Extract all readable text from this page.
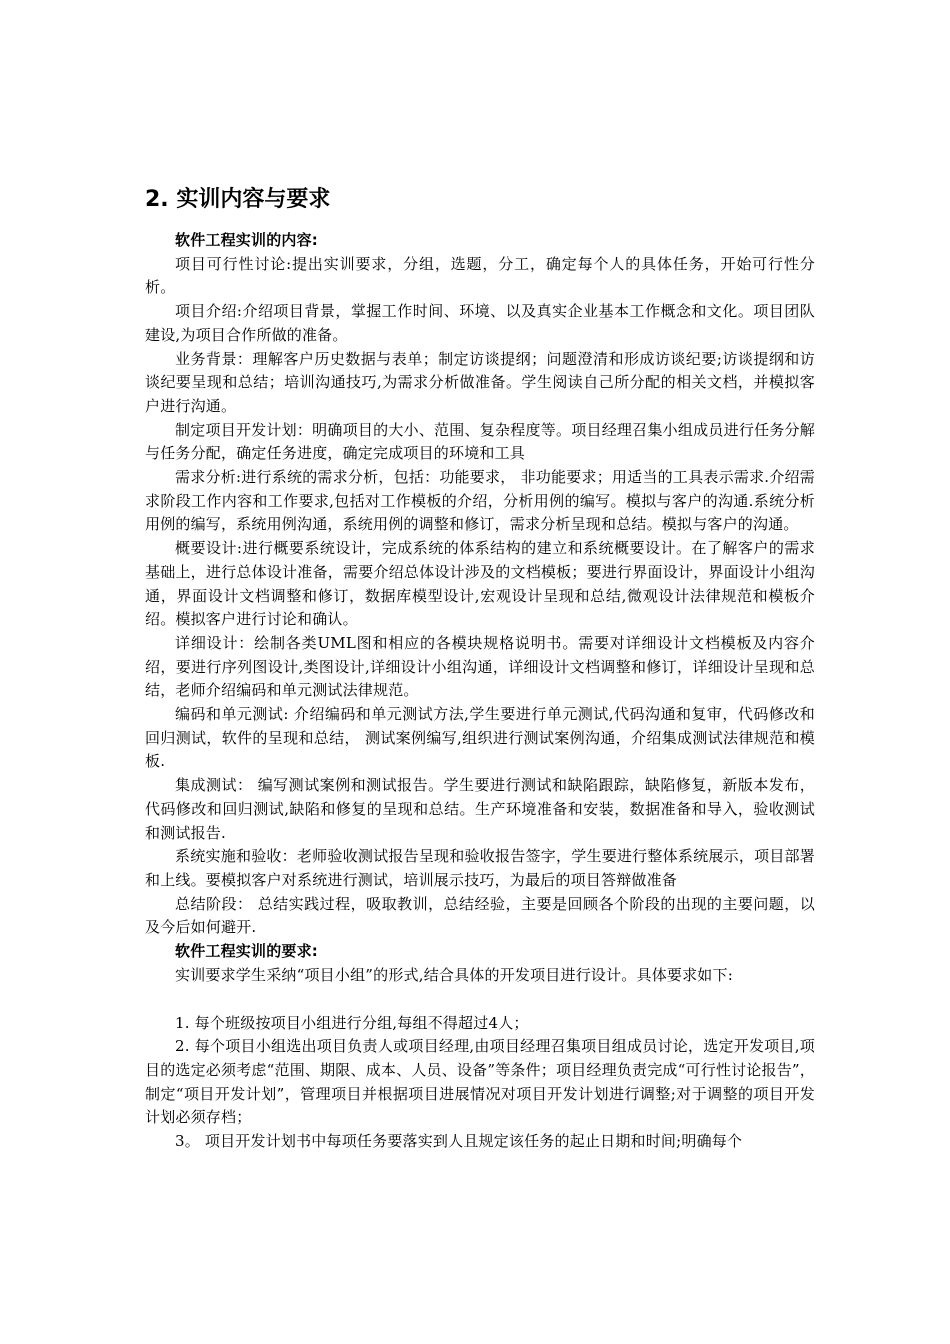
2. 实训内容与要求

软件工程实训的内容:

项目可行性讨论:提出实训要求，分组，选题，分工，确定每个人的具体任务，开始可行性分析。

项目介绍:介绍项目背景，掌握工作时间、环境、以及真实企业基本工作概念和文化。项目团队建设,为项目合作所做的准备。

业务背景：理解客户历史数据与表单；制定访谈提纲；问题澄清和形成访谈纪要;访谈提纲和访谈纪要呈现和总结；培训沟通技巧,为需求分析做准备。学生阅读自己所分配的相关文档，并模拟客户进行沟通。

制定项目开发计划：明确项目的大小、范围、复杂程度等。项目经理召集小组成员进行任务分解与任务分配，确定任务进度，确定完成项目的环境和工具

需求分析:进行系统的需求分析，包括：功能要求， 非功能要求；用适当的工具表示需求.介绍需求阶段工作内容和工作要求,包括对工作模板的介绍，分析用例的编写。模拟与客户的沟通.系统分析用例的编写，系统用例沟通，系统用例的调整和修订，需求分析呈现和总结。模拟与客户的沟通。

概要设计:进行概要系统设计，完成系统的体系结构的建立和系统概要设计。在了解客户的需求基础上，进行总体设计准备，需要介绍总体设计涉及的文档模板；要进行界面设计，界面设计小组沟通，界面设计文档调整和修订，数据库模型设计,宏观设计呈现和总结,微观设计法律规范和模板介绍。模拟客户进行讨论和确认。

详细设计：绘制各类UML图和相应的各模块规格说明书。需要对详细设计文档模板及内容介绍，要进行序列图设计,类图设计,详细设计小组沟通，详细设计文档调整和修订，详细设计呈现和总结，老师介绍编码和单元测试法律规范。

编码和单元测试: 介绍编码和单元测试方法,学生要进行单元测试,代码沟通和复审，代码修改和回归测试，软件的呈现和总结， 测试案例编写,组织进行测试案例沟通，介绍集成测试法律规范和模板.

集成测试： 编写测试案例和测试报告。学生要进行测试和缺陷跟踪，缺陷修复，新版本发布，代码修改和回归测试,缺陷和修复的呈现和总结。生产环境准备和安装，数据准备和导入，验收测试和测试报告.

系统实施和验收：老师验收测试报告呈现和验收报告签字，学生要进行整体系统展示，项目部署和上线。要模拟客户对系统进行测试，培训展示技巧，为最后的项目答辩做准备

总结阶段： 总结实践过程，吸取教训，总结经验，主要是回顾各个阶段的出现的主要问题，以及今后如何避开.

软件工程实训的要求:

实训要求学生采纳“项目小组”的形式,结合具体的开发项目进行设计。具体要求如下:

1. 每个班级按项目小组进行分组,每组不得超过4人；

2. 每个项目小组选出项目负责人或项目经理,由项目经理召集项目组成员讨论，选定开发项目,项目的选定必须考虑“范围、期限、成本、人员、设备”等条件；项目经理负责完成“可行性讨论报告”，制定“项目开发计划”，管理项目并根据项目进展情况对项目开发计划进行调整;对于调整的项目开发计划必须存档；

3。 项目开发计划书中每项任务要落实到人且规定该任务的起止日期和时间;明确每个
